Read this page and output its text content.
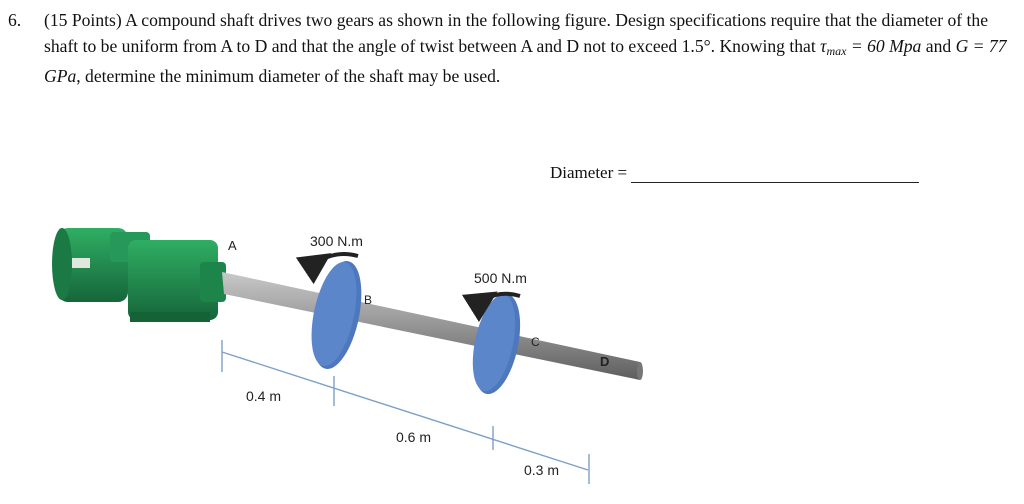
6. (15 Points) A compound shaft drives two gears as shown in the following figure. Design specifications require that the diameter of the shaft to be uniform from A to D and that the angle of twist between A and D not to exceed 1.5°. Knowing that $\tau_{max} = 60$ Mpa and G = 77 GPa, determine the minimum diameter of the shaft may be used.
Diameter =
A
B
C
D
300 N.m
500 N.m
0.4 m
0.6 m
0.3 m
